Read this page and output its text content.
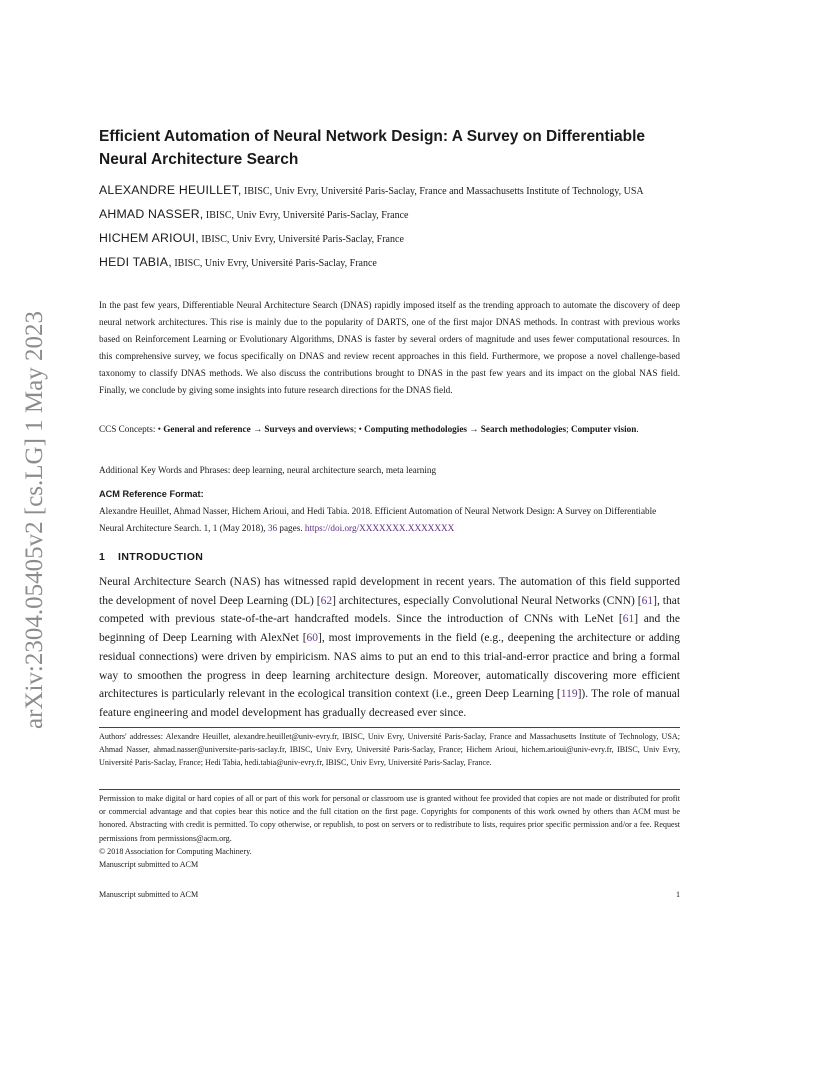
arXiv:2304.05405v2 [cs.LG] 1 May 2023
Efficient Automation of Neural Network Design: A Survey on Differentiable Neural Architecture Search

ALEXANDRE HEUILLET, IBISC, Univ Evry, Université Paris-Saclay, France and Massachusetts Institute of Technology, USA

AHMAD NASSER, IBISC, Univ Evry, Université Paris-Saclay, France

HICHEM ARIOUI, IBISC, Univ Evry, Université Paris-Saclay, France

HEDI TABIA, IBISC, Univ Evry, Université Paris-Saclay, France

In the past few years, Differentiable Neural Architecture Search (DNAS) rapidly imposed itself as the trending approach to automate the discovery of deep neural network architectures. This rise is mainly due to the popularity of DARTS, one of the first major DNAS methods. In contrast with previous works based on Reinforcement Learning or Evolutionary Algorithms, DNAS is faster by several orders of magnitude and uses fewer computational resources. In this comprehensive survey, we focus specifically on DNAS and review recent approaches in this field. Furthermore, we propose a novel challenge-based taxonomy to classify DNAS methods. We also discuss the contributions brought to DNAS in the past few years and its impact on the global NAS field. Finally, we conclude by giving some insights into future research directions for the DNAS field.

CCS Concepts: • General and reference → Surveys and overviews; • Computing methodologies → Search methodologies; Computer vision.

Additional Key Words and Phrases: deep learning, neural architecture search, meta learning

ACM Reference Format:
Alexandre Heuillet, Ahmad Nasser, Hichem Arioui, and Hedi Tabia. 2018. Efficient Automation of Neural Network Design: A Survey on Differentiable Neural Architecture Search. 1, 1 (May 2018), 36 pages. https://doi.org/XXXXXXX.XXXXXXX

1 INTRODUCTION

Neural Architecture Search (NAS) has witnessed rapid development in recent years. The automation of this field supported the development of novel Deep Learning (DL) [62] architectures, especially Convolutional Neural Networks (CNN) [61], that competed with previous state-of-the-art handcrafted models. Since the introduction of CNNs with LeNet [61] and the beginning of Deep Learning with AlexNet [60], most improvements in the field (e.g., deepening the architecture or adding residual connections) were driven by empiricism. NAS aims to put an end to this trial-and-error practice and bring a formal way to smoothen the progress in deep learning architecture design. Moreover, automatically discovering more efficient architectures is particularly relevant in the ecological transition context (i.e., green Deep Learning [119]). The role of manual feature engineering and model development has gradually decreased ever since.

Authors' addresses: Alexandre Heuillet, alexandre.heuillet@univ-evry.fr, IBISC, Univ Evry, Université Paris-Saclay, France and Massachusetts Institute of Technology, USA; Ahmad Nasser, ahmad.nasser@universite-paris-saclay.fr, IBISC, Univ Evry, Université Paris-Saclay, France; Hichem Arioui, hichem.arioui@univ-evry.fr, IBISC, Univ Evry, Université Paris-Saclay, France; Hedi Tabia, hedi.tabia@univ-evry.fr, IBISC, Univ Evry, Université Paris-Saclay, France.

Permission to make digital or hard copies of all or part of this work for personal or classroom use is granted without fee provided that copies are not made or distributed for profit or commercial advantage and that copies bear this notice and the full citation on the first page. Copyrights for components of this work owned by others than ACM must be honored. Abstracting with credit is permitted. To copy otherwise, or republish, to post on servers or to redistribute to lists, requires prior specific permission and/or a fee. Request permissions from permissions@acm.org.
© 2018 Association for Computing Machinery.
Manuscript submitted to ACM

Manuscript submitted to ACM	1
